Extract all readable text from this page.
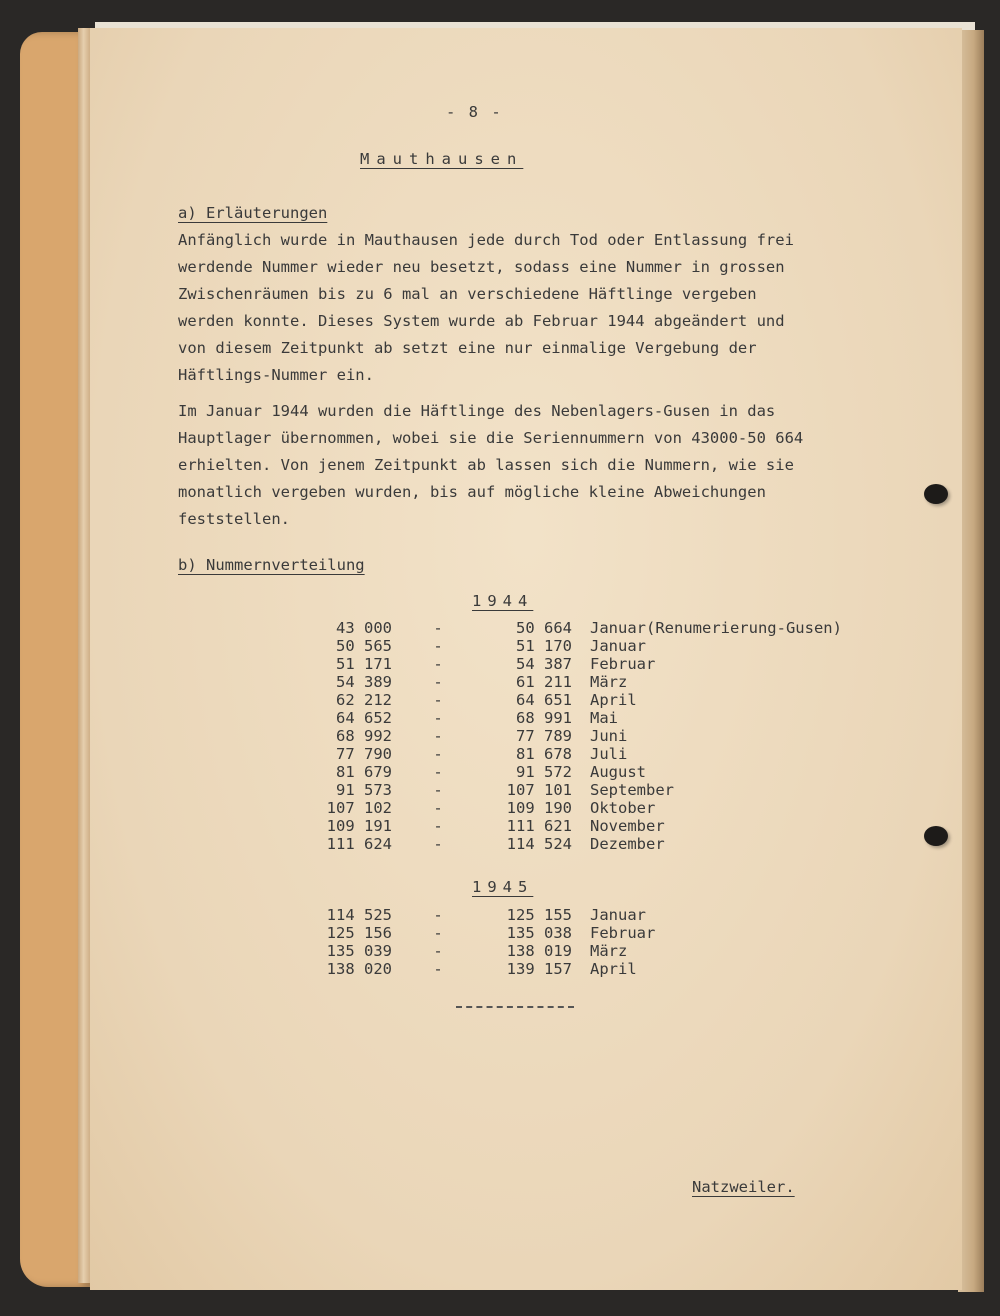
- 8 -
Mauthausen
a) Erläuterungen
Anfänglich wurde in Mauthausen jede durch Tod oder Entlassung frei werdende Nummer wieder neu besetzt, sodass eine Nummer in grossen Zwischenräumen bis zu 6 mal an verschiedene Häftlinge vergeben werden konnte. Dieses System wurde ab Februar 1944 abgeändert und von diesem Zeitpunkt ab setzt eine nur einmalige Vergebung der Häftlings-Nummer ein.
Im Januar 1944 wurden die Häftlinge des Nebenlagers-Gusen in das Hauptlager übernommen, wobei sie die Seriennummern von 43000-50 664 erhielten. Von jenem Zeitpunkt ab lassen sich die Nummern, wie sie monatlich vergeben wurden, bis auf mögliche kleine Abweichungen feststellen.
b) Nummernverteilung
1944
43 000	-	50 664	Januar(Renumerierung-Gusen)
50 565	-	51 170	Januar
51 171	-	54 387	Februar
54 389	-	61 211	März
62 212	-	64 651	April
64 652	-	68 991	Mai
68 992	-	77 789	Juni
77 790	-	81 678	Juli
81 679	-	91 572	August
91 573	-	107 101	September
107 102	-	109 190	Oktober
109 191	-	111 621	November
111 624	-	114 524	Dezember
1945
114 525	-	125 155	Januar
125 156	-	135 038	Februar
135 039	-	138 019	März
138 020	-	139 157	April
Natzweiler.
